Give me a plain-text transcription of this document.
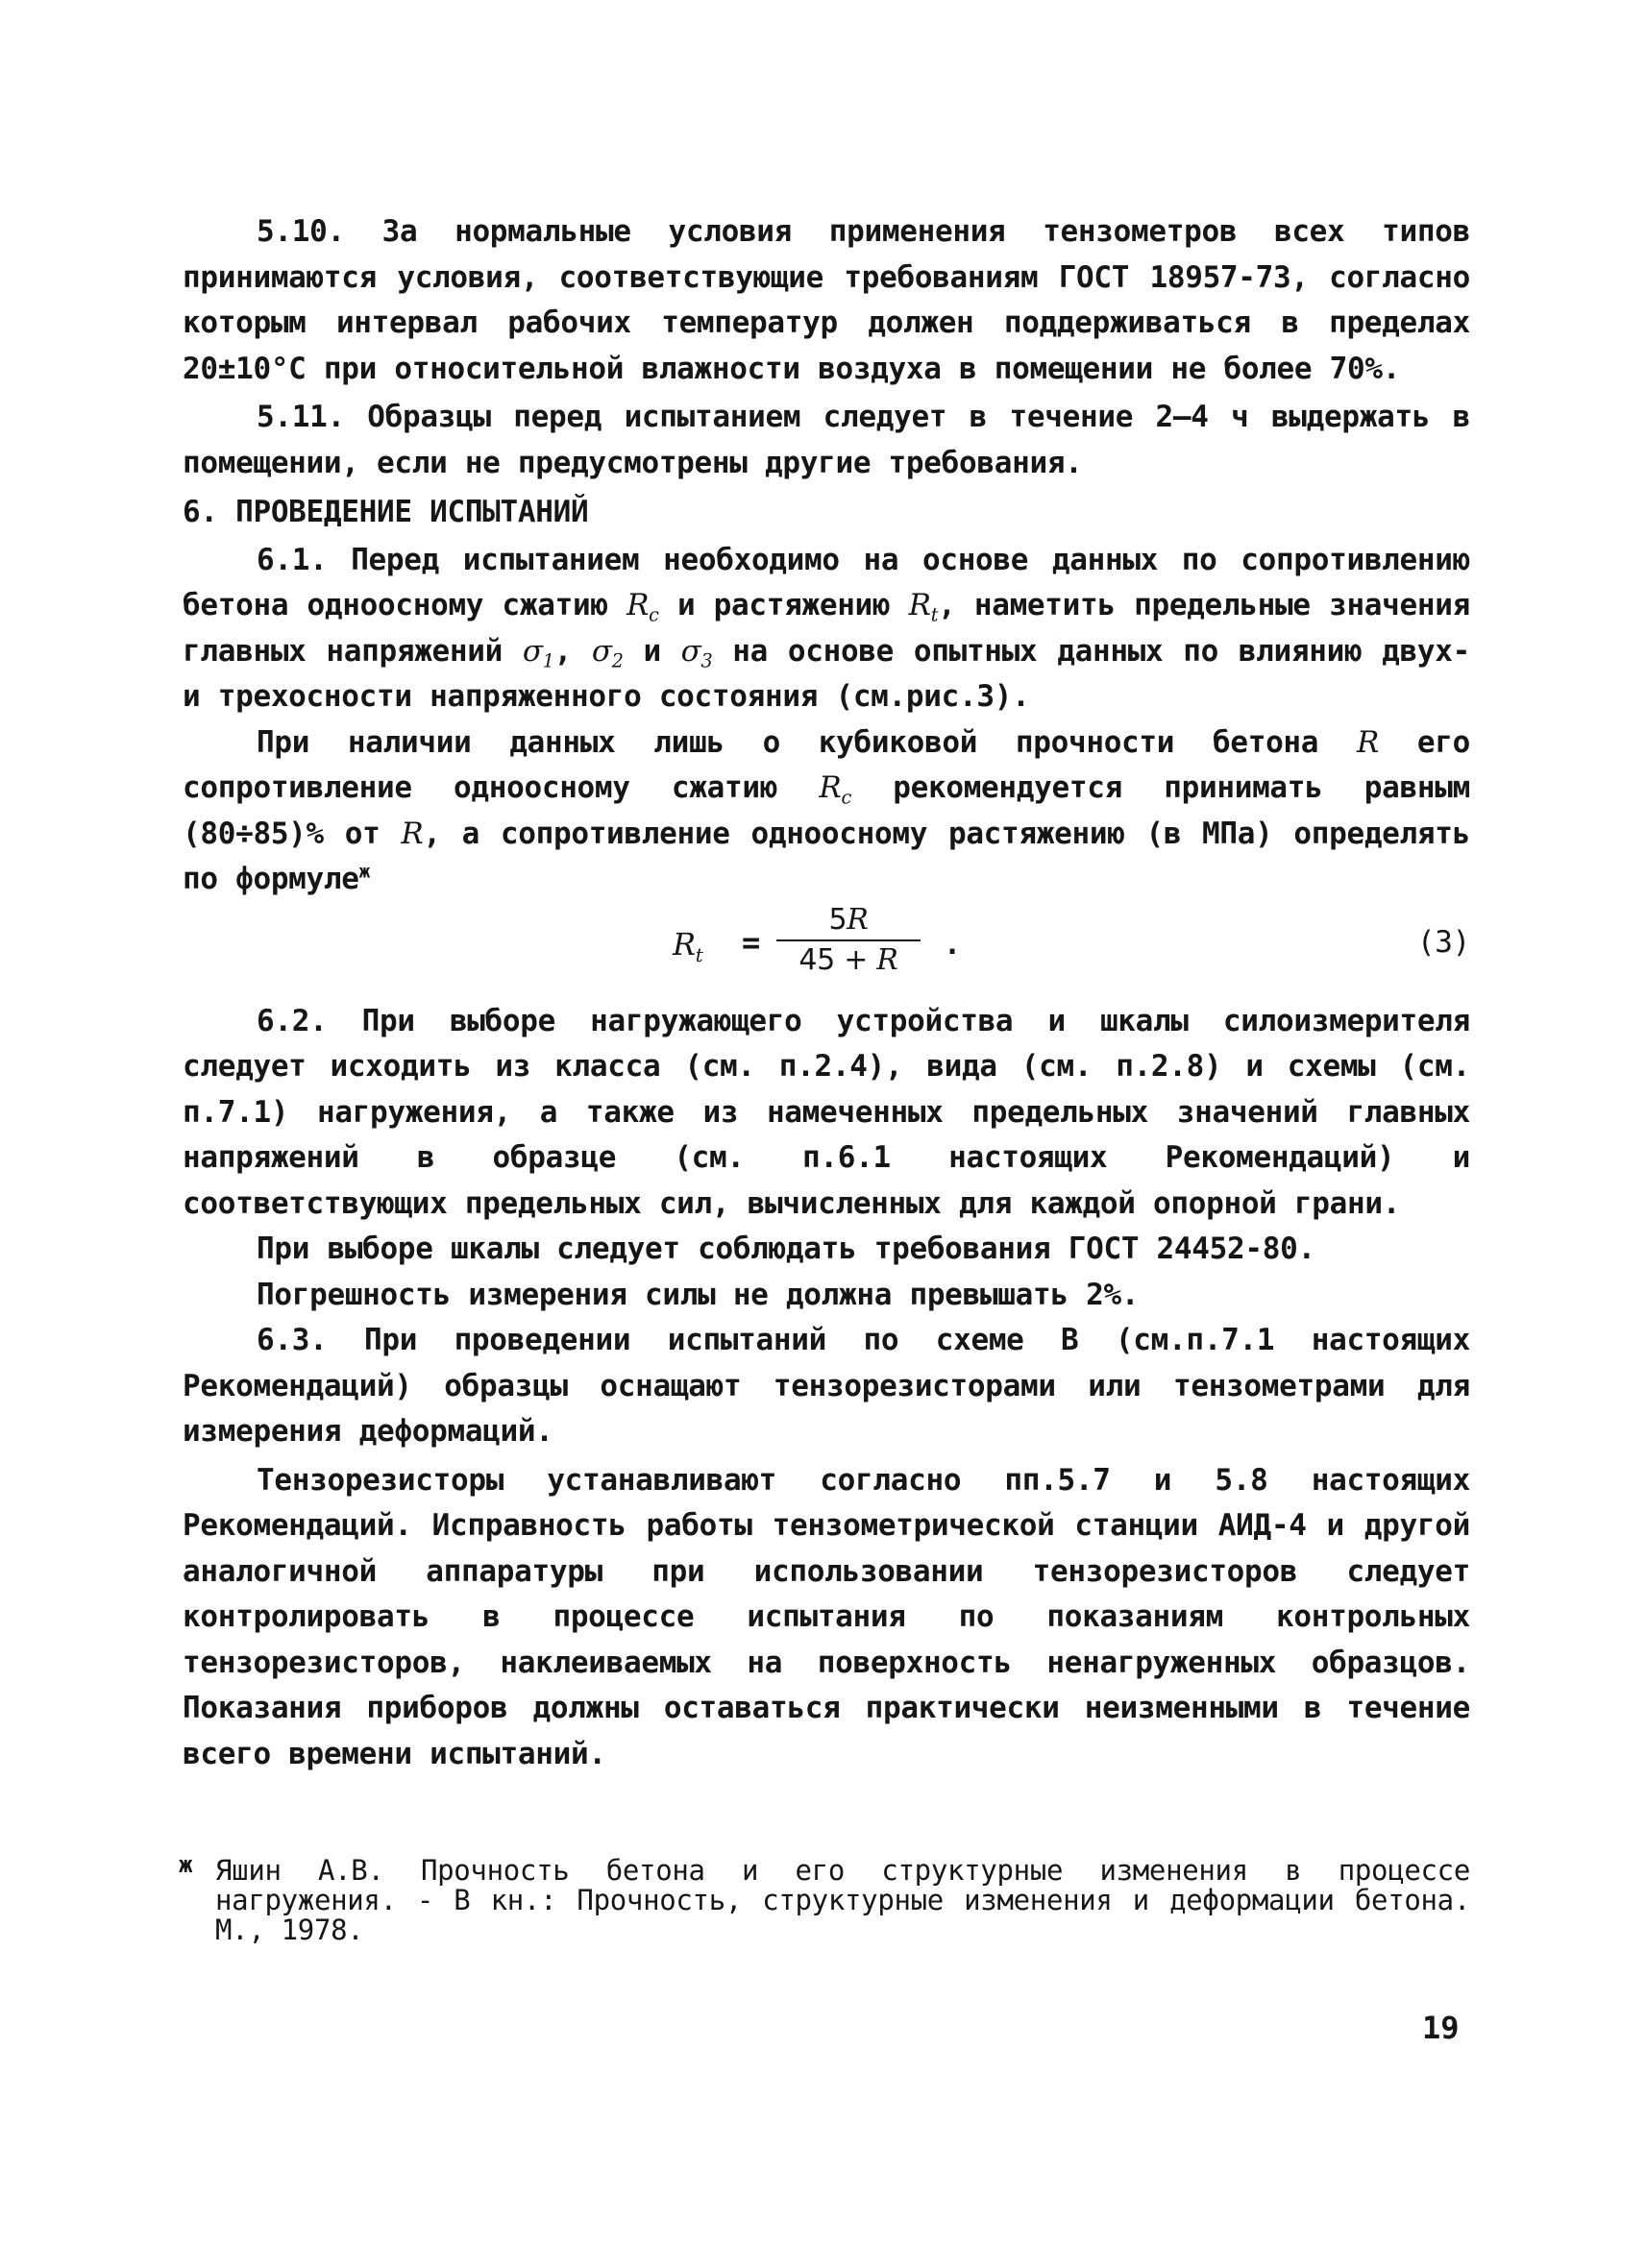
5.10. За нормальные условия применения тензометров всех типов принимаются условия, соответствующие требованиям ГОСТ 18957-73, согласно которым интервал рабочих температур должен поддерживаться в пределах 20±10°С при относительной влажности воздуха в помещении не более 70%.

5.11. Образцы перед испытанием следует в течение 2–4 ч выдержать в помещении, если не предусмотрены другие требования.

6. ПРОВЕДЕНИЕ ИСПЫТАНИЙ

6.1. Перед испытанием необходимо на основе данных по сопротивлению бетона одноосному сжатию $R_c$ и растяжению $R_t$, наметить предельные значения главных напряжений $\sigma_1$, $\sigma_2$ и $\sigma_3$ на основе опытных данных по влиянию двух- и трехосности напряженного состояния (см.рис.3).

При наличии данных лишь о кубиковой прочности бетона R его сопротивление одноосному сжатию $R_c$ рекомендуется принимать равным (80÷85)% от R, а сопротивление одноосному растяжению (в МПа) определять по формуле$^ж$

$R_t = \frac{5R}{45 + R}$ .	(3)

6.2. При выборе нагружающего устройства и шкалы силоизмерителя следует исходить из класса (см. п.2.4), вида (см. п.2.8) и схемы (см. п.7.1) нагружения, а также из намеченных предельных значений главных напряжений в образце (см. п.6.1 настоящих Рекомендаций) и соответствующих предельных сил, вычисленных для каждой опорной грани.

При выборе шкалы следует соблюдать требования ГОСТ 24452-80.

Погрешность измерения силы не должна превышать 2%.

6.3. При проведении испытаний по схеме В (см.п.7.1 настоящих Рекомендаций) образцы оснащают тензорезисторами или тензометрами для измерения деформаций.

Тензорезисторы устанавливают согласно пп.5.7 и 5.8 настоящих Рекомендаций. Исправность работы тензометрической станции АИД-4 и другой аналогичной аппаратуры при использовании тензорезисторов следует контролировать в процессе испытания по показаниям контрольных тензорезисторов, наклеиваемых на поверхность ненагруженных образцов. Показания приборов должны оставаться практически неизменными в течение всего времени испытаний.

ж Яшин А.В. Прочность бетона и его структурные изменения в процессе нагружения. - В кн.: Прочность, структурные изменения и деформации бетона. М., 1978.
19
